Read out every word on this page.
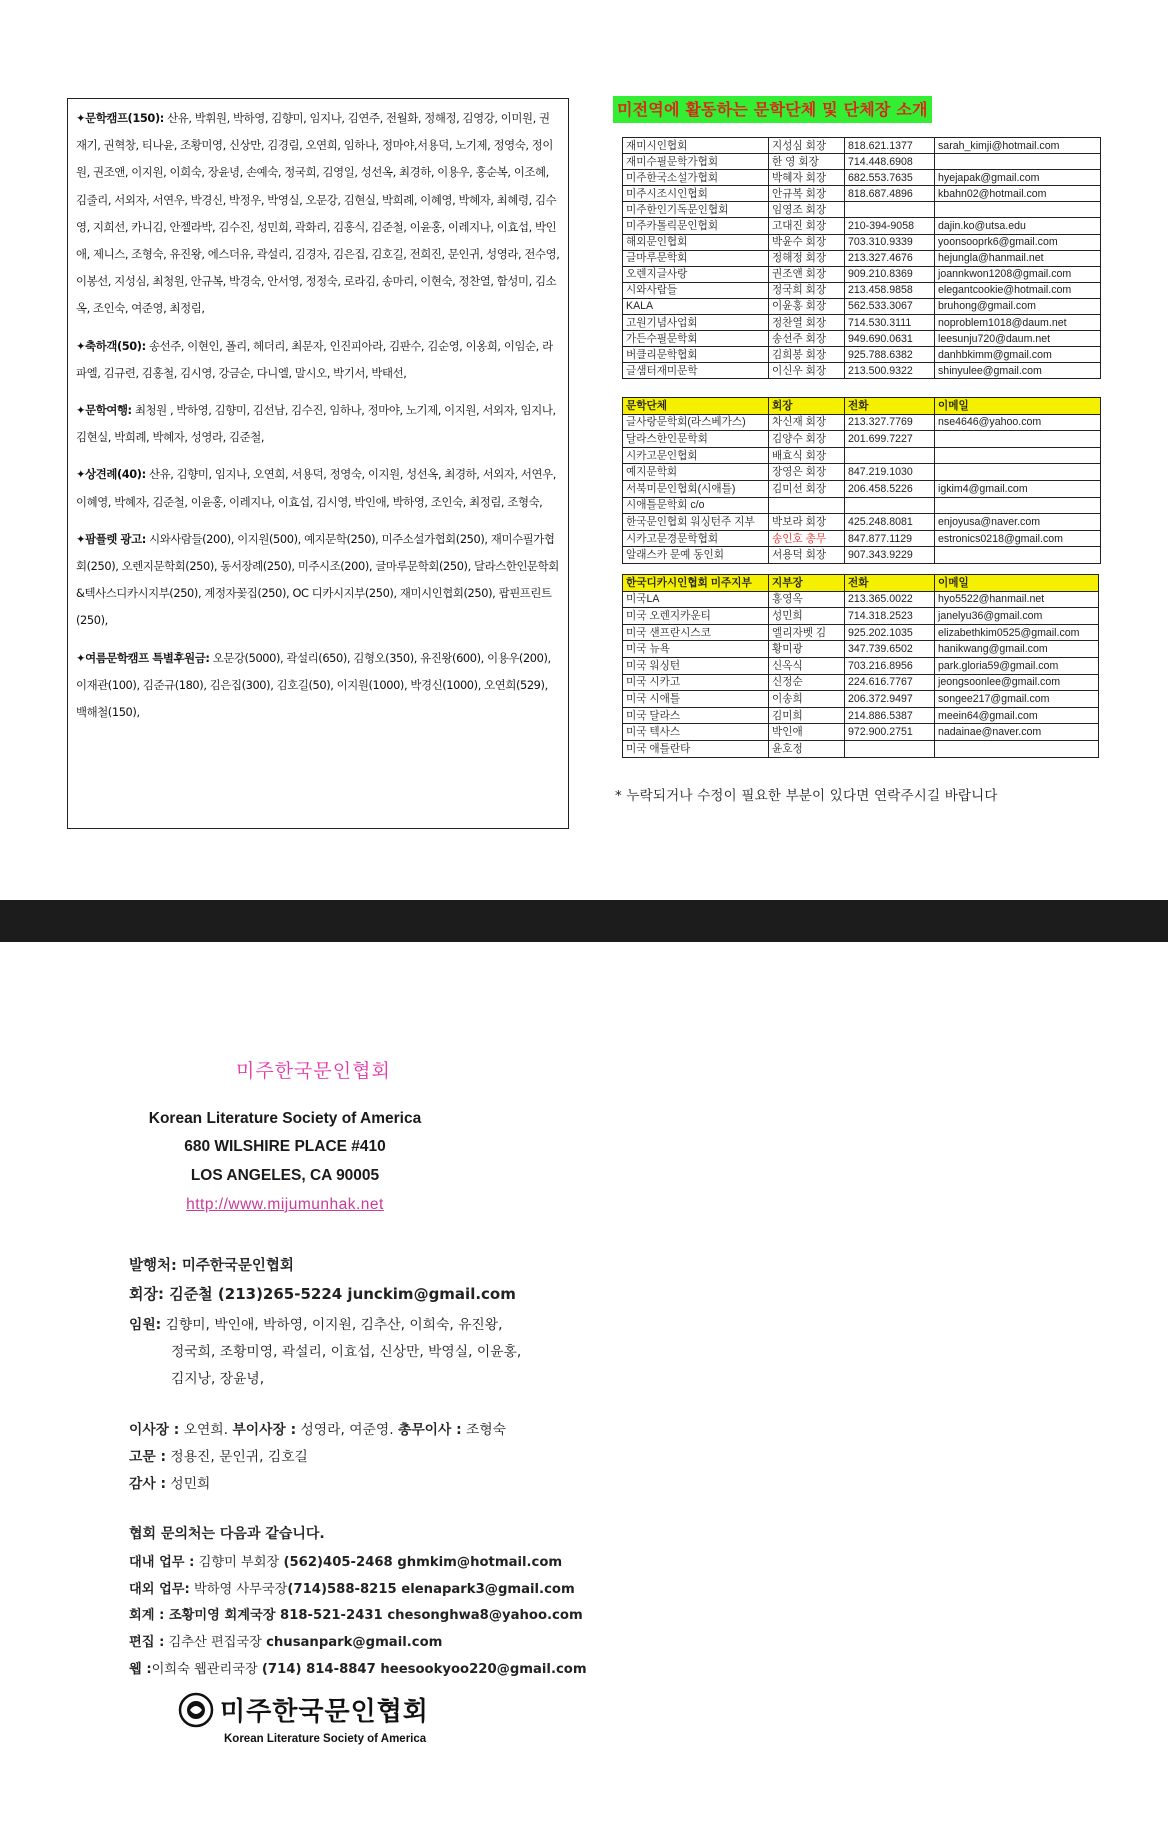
✦문학캠프(150): 산유, 박휘원, 박하영, 김향미, 임지나, 김연주, 전월화, 정해정, 김영강, 이미원, 권재기, 권혁창, 티나윤, 조황미영, 신상만, 김경림, 오연희, 임하나, 정마야,서용덕, 노기제, 정영숙, 정이원, 권조앤, 이지원, 이희숙, 장윤녕, 손예숙, 정국희, 김영일, 성선옥, 최경하, 이용우, 홍순복, 이조혜, 김줄리, 서외자, 서연우, 박경신, 박정우, 박영실, 오문강, 김현실, 박희례, 이혜영, 박혜자, 최혜령, 김수영, 지희선, 카니김, 안젤라박, 김수진, 성민희, 곽화리, 김홍식, 김준철, 이윤홍, 이레지나, 이효섭, 박인애, 제니스, 조형숙, 유진왕, 에스더유, 곽설리, 김경자, 김은집, 김호길, 전희진, 문인귀, 성영라, 전수영, 이봉선, 지성심, 최청원, 안규복, 박경숙, 안서영, 정정숙, 로라김, 송마리, 이현숙, 정찬열, 함성미, 김소옥, 조인숙, 여준영, 최정림,
✦축하객(50): 송선주, 이현인, 폴리, 헤더리, 최문자, 인진피아라, 김판수, 김순영, 이옹희, 이임순, 라파엘, 김규련, 김홍철, 김시영, 강금순, 다니엘, 말시오, 박기서, 박태선,
✦문학여행: 최청원 , 박하영, 김향미, 김선남, 김수진, 임하나, 정마야, 노기제, 이지원, 서외자, 임지나, 김현실, 박희례, 박혜자, 성영라, 김준철,
✦상견례(40): 산유, 김향미, 임지나, 오연희, 서용덕, 정영숙, 이지원, 성선옥, 최경하, 서외자, 서연우, 이혜영, 박혜자, 김준철, 이윤홍, 이레지나, 이효섭, 김시영, 박인애, 박하영, 조인숙, 최정림, 조형숙,
✦팜플렛 광고: 시와사람들(200), 이지원(500), 예지문학(250), 미주소설가협회(250), 재미수필가협회(250), 오렌지문학회(250), 동서장례(250), 미주시조(200), 글마루문학회(250), 달라스한인문학회&텍사스디카시지부(250), 계정자꽃집(250), OC 디카시지부(250), 재미시인협회(250), 팝핀프린트(250),
✦여름문학캠프 특별후원금: 오문강(5000), 곽설리(650), 김형오(350), 유진왕(600), 이용우(200), 이재관(100), 김준규(180), 김은집(300), 김호길(50), 이지원(1000), 박경신(1000), 오연희(529), 백해철(150),
미전역에 활동하는 문학단체 및 단체장 소개
재미시인협회	지성심 회장	818.621.1377	sarah_kimji@hotmail.com
재미수필문학가협회	한 영 회장	714.448.6908	
미주한국소설가협회	박혜자 회장	682.553.7635	hyejapak@gmail.com
미주시조시인협회	안규복 회장	818.687.4896	kbahn02@hotmail.com
미주한인기독문인협회	임영조 회장		
미주카톨릭문인협회	고대진 회장	210-394-9058	dajin.ko@utsa.edu
해외문인협회	박윤수 회장	703.310.9339	yoonsooprk6@gmail.com
글마루문학회	정해정 회장	213.327.4676	hejungla@hanmail.net
오렌지글사랑	권조앤 회장	909.210.8369	joannkwon1208@gmail.com
시와사람들	정국희 회장	213.458.9858	elegantcookie@hotmail.com
KALA	이윤홍 회장	562.533.3067	bruhong@gmail.com
고원기념사업회	정찬열 회장	714.530.3111	noproblem1018@daum.net
가든수필문학회	송선주 회장	949.690.0631	leesunju720@daum.net
버클리문학협회	김희봉 회장	925.788.6382	danhbkimm@gmail.com
글샘터재미문학	이신우 회장	213.500.9322	shinyulee@gmail.com
문학단체	회장	전화	이메일
글사랑문학회(라스베가스)	차신재 회장	213.327.7769	nse4646@yahoo.com
달라스한인문학회	김양수 회장	201.699.7227	
시카고문인협회	배효식 회장		
예지문학회	장영은 회장	847.219.1030	
서북미문인협회(시애틀)	김미선 회장	206.458.5226	igkim4@gmail.com
시애틀문학회 c/o			
한국문인협회 워싱턴주 지부	박보라 회장	425.248.8081	enjoyusa@naver.com
시카고문경문학협회	송인호 총무	847.877.1129	estronics0218@gmail.com
알래스카 문예 동인회	서용덕 회장	907.343.9229	
한국디카시인협회 미주지부	지부장	전화	이메일
미국LA	홍영옥	213.365.0022	hyo5522@hanmail.net
미국 오렌지카운티	성민희	714.318.2523	janelyu36@gmail.com
미국 샌프란시스코	엘리자벳 김	925.202.1035	elizabethkim0525@gmail.com
미국 뉴욕	황미광	347.739.6502	hanikwang@gmail.com
미국 워싱턴	신옥식	703.216.8956	park.gloria59@gmail.com
미국 시카고	신정순	224.616.7767	jeongsoonlee@gmail.com
미국 시애틀	이송희	206.372.9497	songee217@gmail.com
미국 달라스	김미희	214.886.5387	meein64@gmail.com
미국 텍사스	박인애	972.900.2751	nadainae@naver.com
미국 애틀란타	윤호정		
* 누락되거나 수정이 필요한 부분이 있다면 연락주시길 바랍니다
미주한국문인협회
Korean Literature Society of America
680 WILSHIRE PLACE #410
LOS ANGELES, CA 90005
http://www.mijumunhak.net
발행처: 미주한국문인협회
회장: 김준철 (213)265-5224 junckim@gmail.com
임원: 김향미, 박인애, 박하영, 이지원, 김추산, 이희숙, 유진왕,
정국희, 조황미영, 곽설리, 이효섭, 신상만, 박영실, 이윤홍,
김지낭, 장윤녕,
이사장 : 오연희. 부이사장 : 성영라, 여준영. 총무이사 : 조형숙
고문 : 정용진, 문인귀, 김호길
감사 : 성민희
협회 문의처는 다음과 같습니다.
대내 업무 : 김향미 부회장 (562)405-2468 ghmkim@hotmail.com
대외 업무: 박하영 사무국장(714)588-8215 elenapark3@gmail.com
회계 : 조황미영 회계국장 818-521-2431 chesonghwa8@yahoo.com
편집 : 김추산 편집국장 chusanpark@gmail.com
웹 :이희숙 웹관리국장 (714) 814-8847 heesookyoo220@gmail.com
미주한국문인협회
Korean Literature Society of America
